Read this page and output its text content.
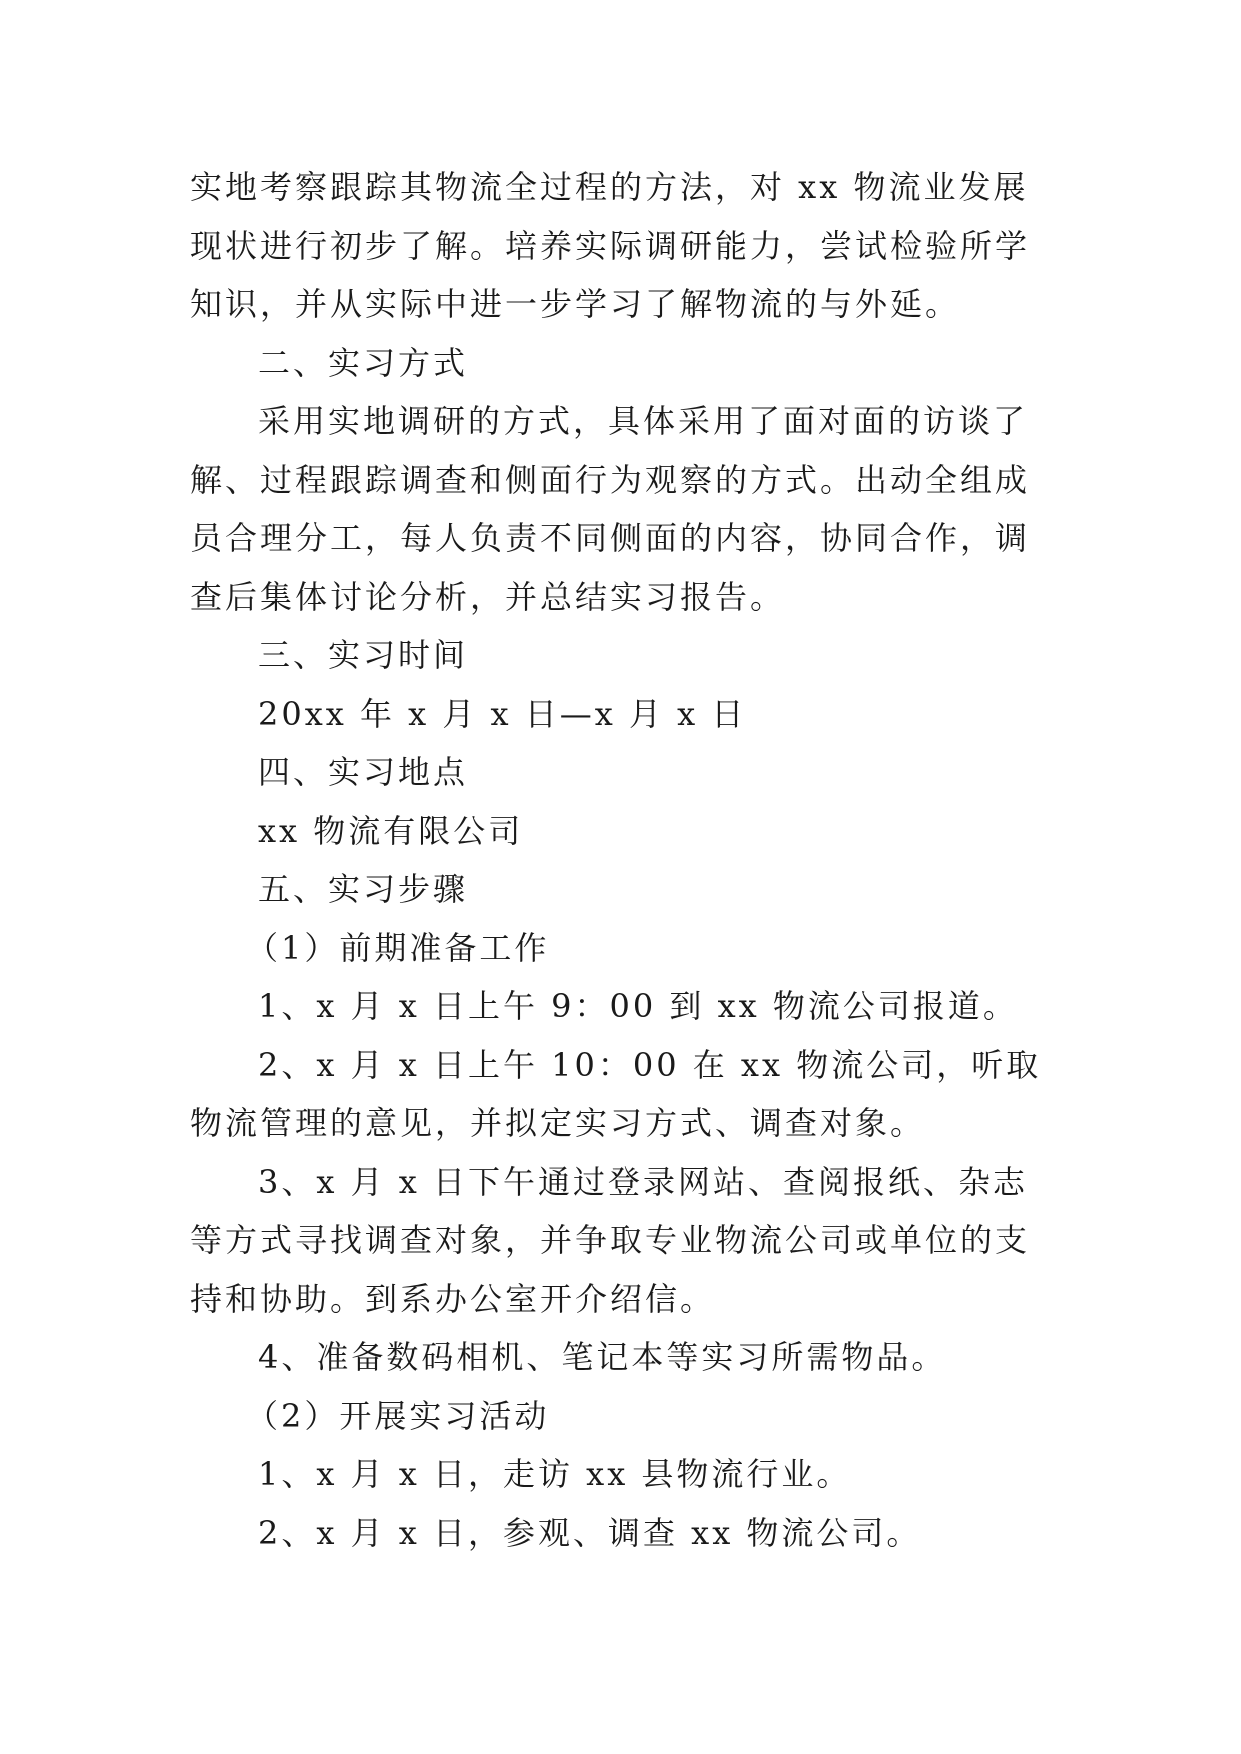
实地考察跟踪其物流全过程的方法，对 xx 物流业发展现状进行初步了解。培养实际调研能力，尝试检验所学知识，并从实际中进一步学习了解物流的与外延。

二、实习方式

采用实地调研的方式，具体采用了面对面的访谈了解、过程跟踪调查和侧面行为观察的方式。出动全组成员合理分工，每人负责不同侧面的内容，协同合作，调查后集体讨论分析，并总结实习报告。

三、实习时间

20xx 年 x 月 x 日—x 月 x 日

四、实习地点

xx 物流有限公司

五、实习步骤

（1）前期准备工作

1、x 月 x 日上午 9：00 到 xx 物流公司报道。

2、x 月 x 日上午 10：00 在 xx 物流公司，听取物流管理的意见，并拟定实习方式、调查对象。

3、x 月 x 日下午通过登录网站、查阅报纸、杂志等方式寻找调查对象，并争取专业物流公司或单位的支持和协助。到系办公室开介绍信。

4、准备数码相机、笔记本等实习所需物品。

（2）开展实习活动

1、x 月 x 日，走访 xx 县物流行业。

2、x 月 x 日，参观、调查 xx 物流公司。
